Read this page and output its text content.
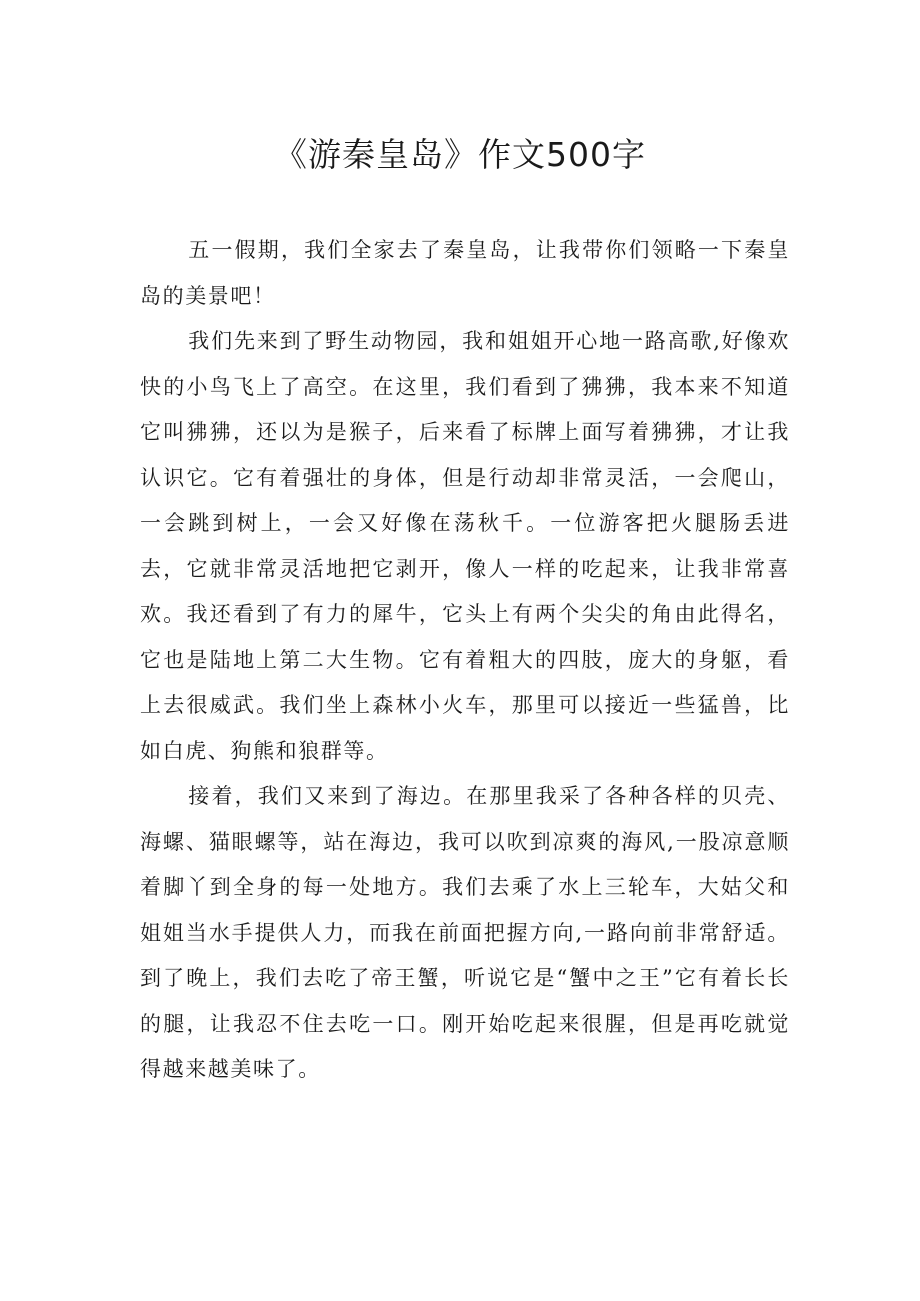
《游秦皇岛》作文500字

五一假期，我们全家去了秦皇岛，让我带你们领略一下秦皇岛的美景吧！

我们先来到了野生动物园，我和姐姐开心地一路高歌,好像欢快的小鸟飞上了高空。在这里，我们看到了狒狒，我本来不知道它叫狒狒，还以为是猴子，后来看了标牌上面写着狒狒，才让我认识它。它有着强壮的身体，但是行动却非常灵活，一会爬山，一会跳到树上，一会又好像在荡秋千。一位游客把火腿肠丢进去，它就非常灵活地把它剥开，像人一样的吃起来，让我非常喜欢。我还看到了有力的犀牛，它头上有两个尖尖的角由此得名，它也是陆地上第二大生物。它有着粗大的四肢，庞大的身躯，看上去很威武。我们坐上森林小火车，那里可以接近一些猛兽，比如白虎、狗熊和狼群等。

接着，我们又来到了海边。在那里我采了各种各样的贝壳、海螺、猫眼螺等，站在海边，我可以吹到凉爽的海风,一股凉意顺着脚丫到全身的每一处地方。我们去乘了水上三轮车，大姑父和姐姐当水手提供人力，而我在前面把握方向,一路向前非常舒适。到了晚上，我们去吃了帝王蟹，听说它是“蟹中之王”它有着长长的腿，让我忍不住去吃一口。刚开始吃起来很腥，但是再吃就觉得越来越美味了。
